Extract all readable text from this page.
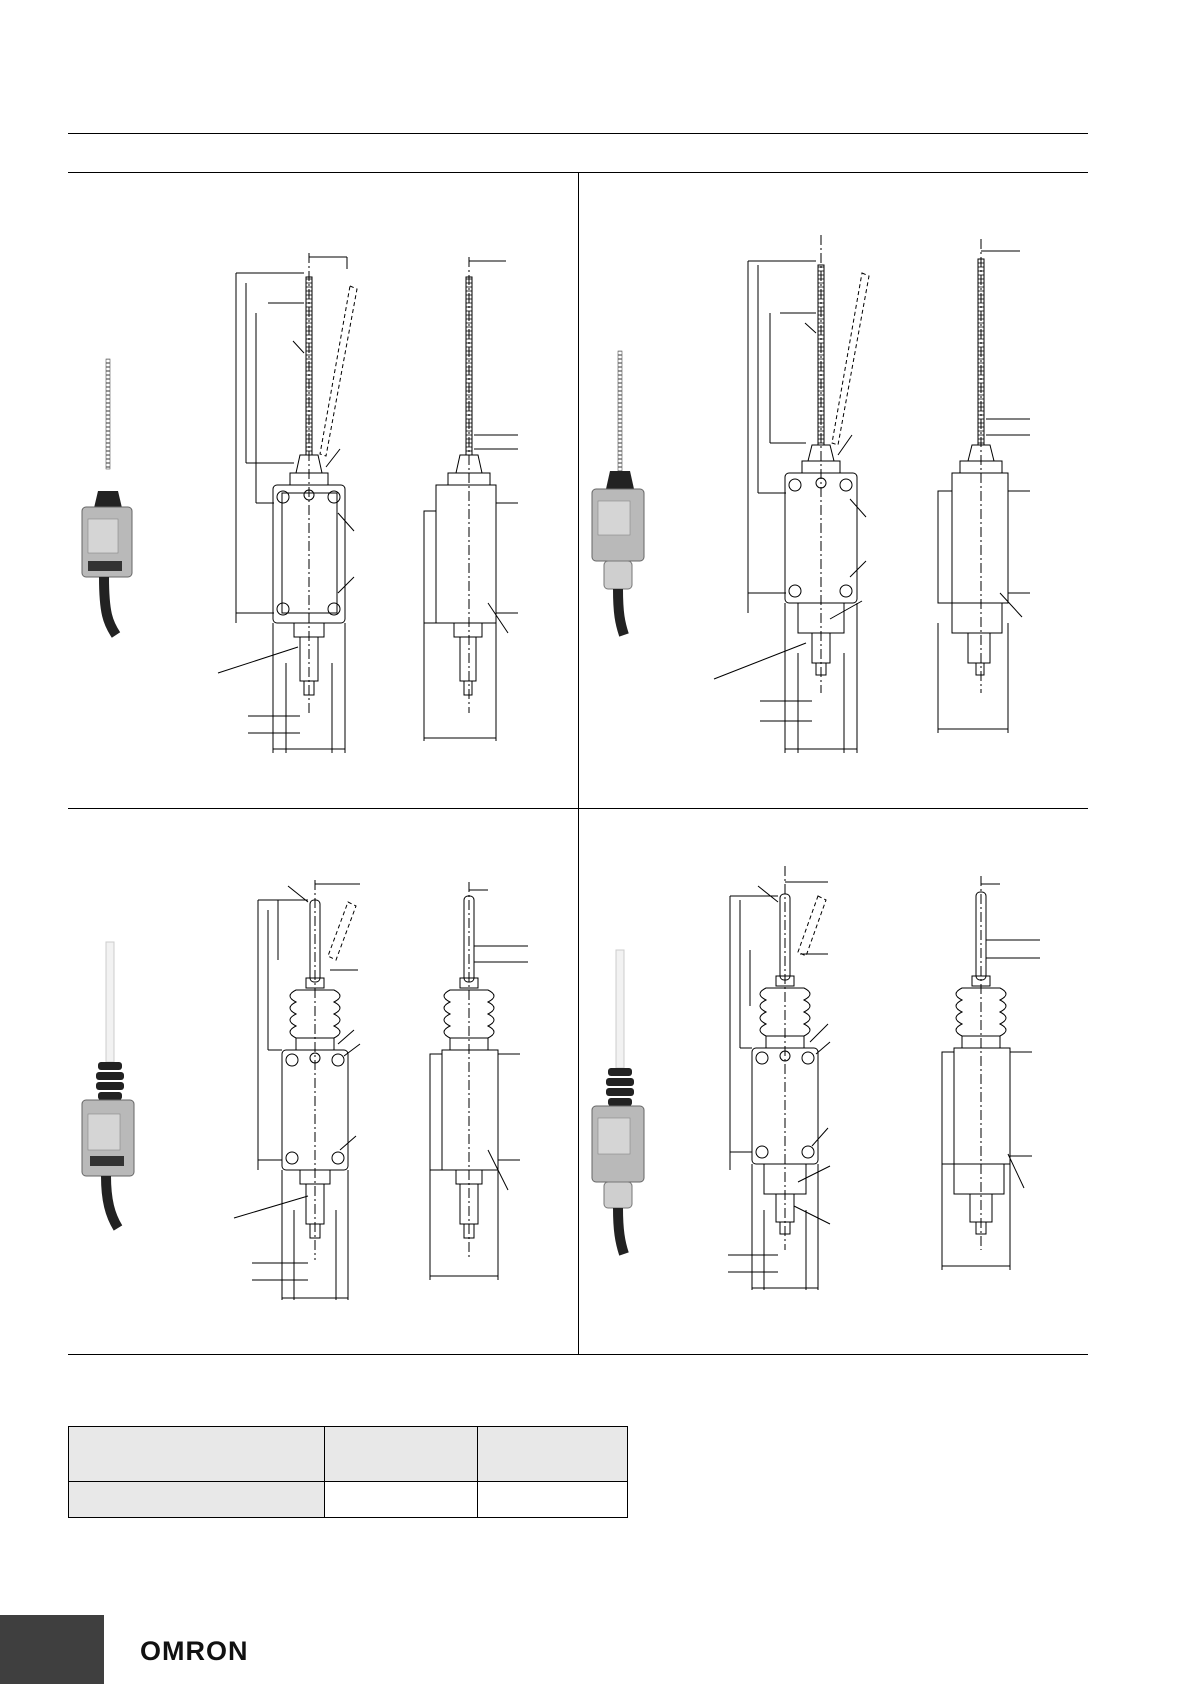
OMRON
